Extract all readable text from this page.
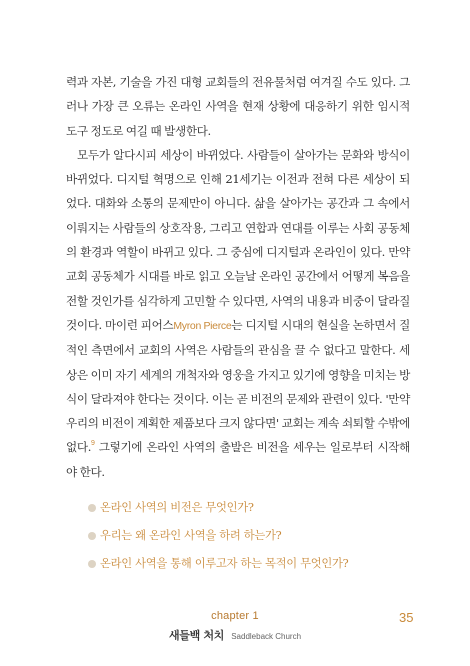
력과 자본, 기술을 가진 대형 교회들의 전유물처럼 여겨질 수도 있다. 그러나 가장 큰 오류는 온라인 사역을 현재 상황에 대응하기 위한 임시적 도구 정도로 여길 때 발생한다.

모두가 알다시피 세상이 바뀌었다. 사람들이 살아가는 문화와 방식이 바뀌었다. 디지털 혁명으로 인해 21세기는 이전과 전혀 다른 세상이 되었다. 대화와 소통의 문제만이 아니다. 삶을 살아가는 공간과 그 속에서 이뤄지는 사람들의 상호작용, 그리고 연합과 연대를 이루는 사회 공동체의 환경과 역할이 바뀌고 있다. 그 중심에 디지털과 온라인이 있다. 만약 교회 공동체가 시대를 바로 읽고 오늘날 온라인 공간에서 어떻게 복음을 전할 것인가를 심각하게 고민할 수 있다면, 사역의 내용과 비중이 달라질 것이다. 마이런 피어스Myron Pierce는 디지털 시대의 현실을 논하면서 질적인 측면에서 교회의 사역은 사람들의 관심을 끌 수 없다고 말한다. 세상은 이미 자기 세계의 개척자와 영웅을 가지고 있기에 영향을 미치는 방식이 달라져야 한다는 것이다. 이는 곧 비전의 문제와 관련이 있다. '만약 우리의 비전이 계획한 제품보다 크지 않다면' 교회는 계속 쇠퇴할 수밖에 없다.$^9$ 그렇기에 온라인 사역의 출발은 비전을 세우는 일로부터 시작해야 한다.

온라인 사역의 비전은 무엇인가?
우리는 왜 온라인 사역을 하려 하는가?
온라인 사역을 통해 이루고자 하는 목적이 무엇인가?
chapter 1
새들백 처치 Saddleback Church
35
